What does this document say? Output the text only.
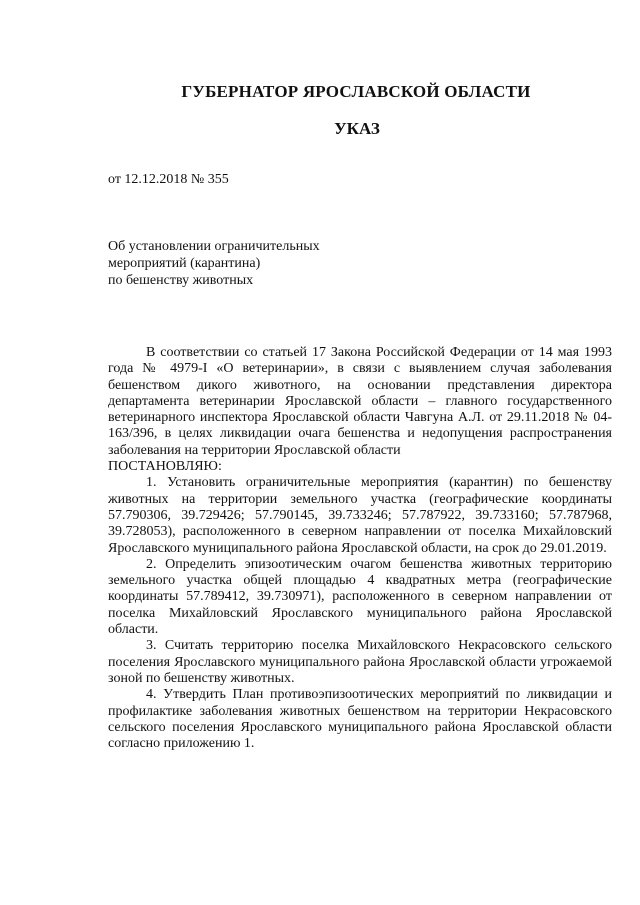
ГУБЕРНАТОР ЯРОСЛАВСКОЙ ОБЛАСТИ
УКАЗ
от 12.12.2018 № 355
Об установлении ограничительных
мероприятий (карантина)
по бешенству животных

В соответствии со статьей 17 Закона Российской Федерации от 14 мая 1993 года № 4979-I «О ветеринарии», в связи с выявлением случая заболевания бешенством дикого животного, на основании представления директора департамента ветеринарии Ярославской области – главного государственного ветеринарного инспектора Ярославской области Чавгуна А.Л. от 29.11.2018 № 04-163/396, в целях ликвидации очага бешенства и недопущения распространения заболевания на территории Ярославской области

ПОСТАНОВЛЯЮ:

1. Установить ограничительные мероприятия (карантин) по бешенству животных на территории земельного участка (географические координаты 57.790306, 39.729426; 57.790145, 39.733246; 57.787922, 39.733160; 57.787968, 39.728053), расположенного в северном направлении от поселка Михайловский Ярославского муниципального района Ярославской области, на срок до 29.01.2019.

2. Определить эпизоотическим очагом бешенства животных территорию земельного участка общей площадью 4 квадратных метра (географические координаты 57.789412, 39.730971), расположенного в северном направлении от поселка Михайловский Ярославского муниципального района Ярославской области.

3. Считать территорию поселка Михайловского Некрасовского сельского поселения Ярославского муниципального района Ярославской области угрожаемой зоной по бешенству животных.

4. Утвердить План противоэпизоотических мероприятий по ликвидации и профилактике заболевания животных бешенством на территории Некрасовского сельского поселения Ярославского муниципального района Ярославской области согласно приложению 1.
